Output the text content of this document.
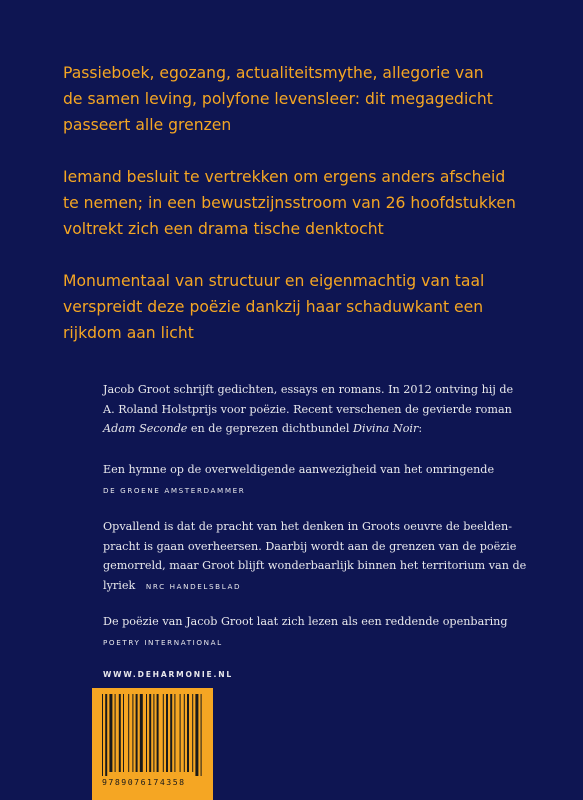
Passieboek, egozang, actualiteitsmythe, allegorie van
de samen leving, polyfone levensleer: dit megagedicht
passeert alle grenzen
Iemand besluit te vertrekken om ergens anders afscheid
te nemen; in een bewustzijnsstroom van 26 hoofdstukken
voltrekt zich een drama tische denktocht
Monumentaal van structuur en eigenmachtig van taal
verspreidt deze poëzie dankzij haar schaduwkant een
rijkdom aan licht
Jacob Groot schrijft gedichten, essays en romans. In 2012 ontving hij de
A. Roland Holstprijs voor poëzie. Recent verschenen de gevierde roman
Adam Seconde en de geprezen dichtbundel Divina Noir:
Een hymne op de overweldigende aanwezigheid van het omringende
DE GROENE AMSTERDAMMER
Opvallend is dat de pracht van het denken in Groots oeuvre de beelden-
pracht is gaan overheersen. Daarbij wordt aan de grenzen van de poëzie
gemorreld, maar Groot blijft wonderbaarlijk binnen het territorium van de
lyriek NRC HANDELSBLAD
De poëzie van Jacob Groot laat zich lezen als een reddende openbaring
POETRY INTERNATIONAL
WWW.DEHARMONIE.NL
9789076174358
